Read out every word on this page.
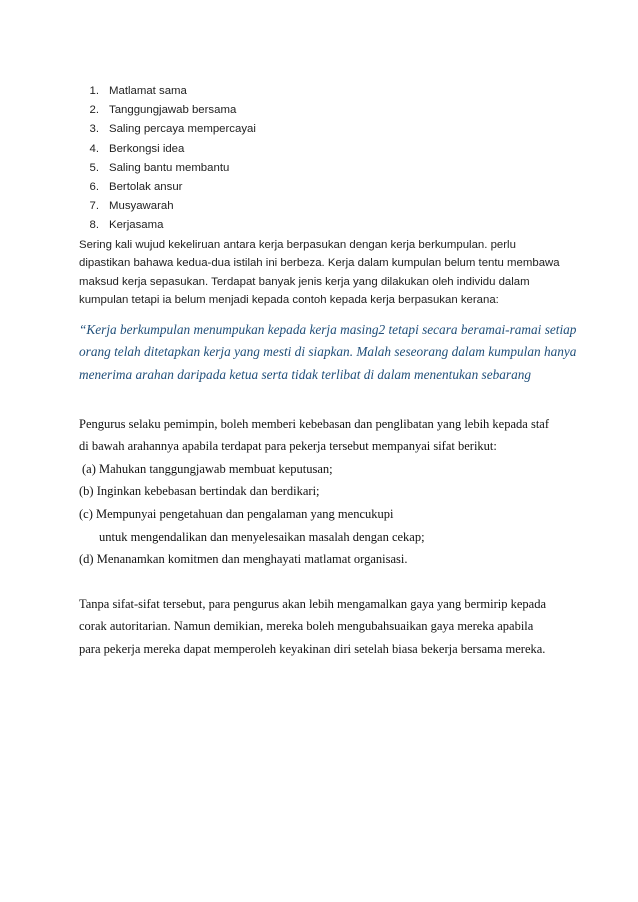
1. Matlamat sama
2. Tanggungjawab bersama
3. Saling percaya mempercayai
4. Berkongsi idea
5. Saling bantu membantu
6. Bertolak ansur
7. Musyawarah
8. Kerjasama

Sering kali wujud kekeliruan antara kerja berpasukan dengan kerja berkumpulan. perlu
dipastikan bahawa kedua-dua istilah ini berbeza. Kerja dalam kumpulan belum tentu membawa
maksud kerja sepasukan. Terdapat banyak jenis kerja yang dilakukan oleh individu dalam
kumpulan tetapi ia belum menjadi kepada contoh kepada kerja berpasukan kerana:

“Kerja berkumpulan menumpukan kepada kerja masing2 tetapi secara beramai-ramai setiap
orang telah ditetapkan kerja yang mesti di siapkan. Malah seseorang dalam kumpulan hanya
menerima arahan daripada ketua serta tidak terlibat di dalam menentukan sebarang
Pengurus selaku pemimpin, boleh memberi kebebasan dan penglibatan yang lebih kepada staf
di bawah arahannya apabila terdapat para pekerja tersebut mempanyai sifat berikut:
(a) Mahukan tanggungjawab membuat keputusan;
(b) Inginkan kebebasan bertindak dan berdikari;
(c) Mempunyai pengetahuan dan pengalaman yang mencukupi
untuk mengendalikan dan menyelesaikan masalah dengan cekap;
(d) Menanamkan komitmen dan menghayati matlamat organisasi.
Tanpa sifat-sifat tersebut, para pengurus akan lebih mengamalkan gaya yang bermirip kepada
corak autoritarian. Namun demikian, mereka boleh mengubahsuaikan gaya mereka apabila
para pekerja mereka dapat memperoleh keyakinan diri setelah biasa bekerja bersama mereka.
